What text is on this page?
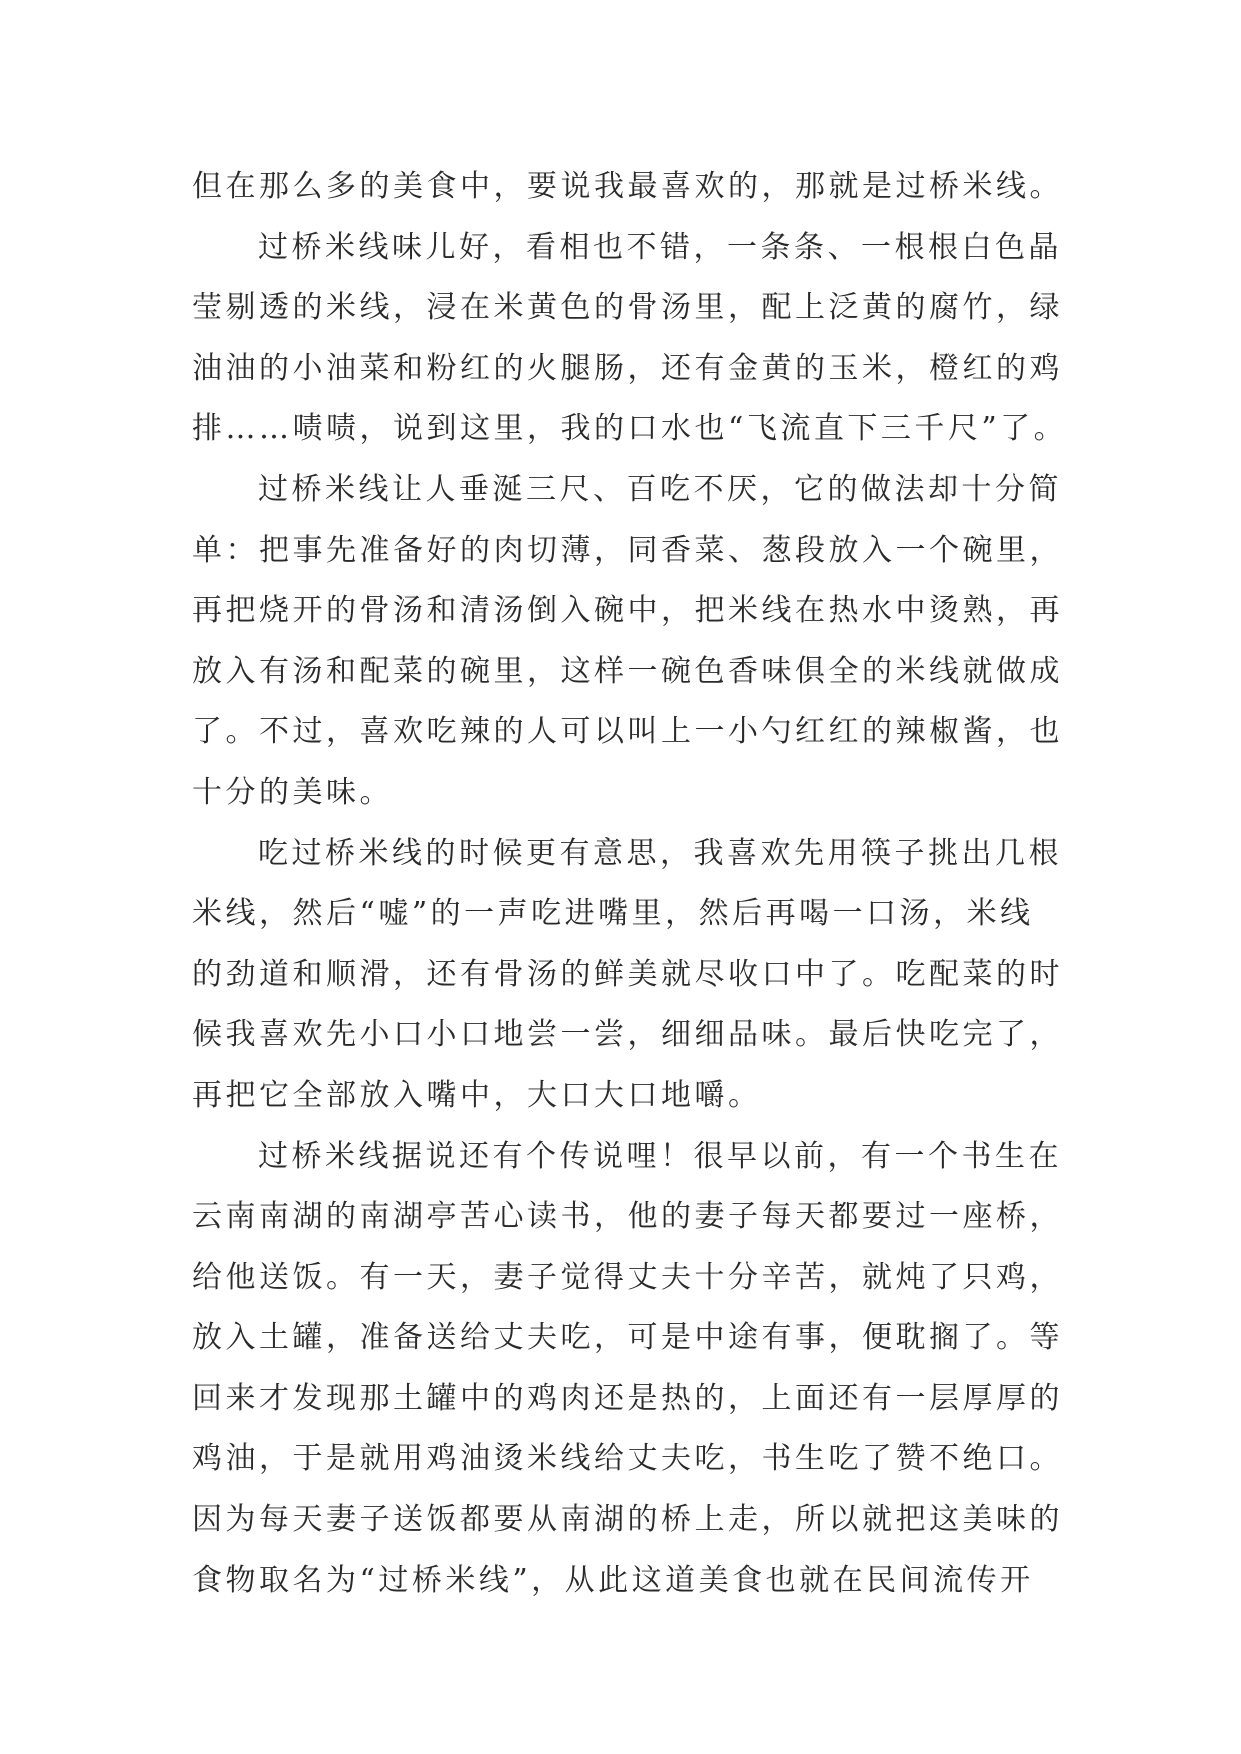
但在那么多的美食中，要说我最喜欢的，那就是过桥米线。
过桥米线味儿好，看相也不错，一条条、一根根白色晶
莹剔透的米线，浸在米黄色的骨汤里，配上泛黄的腐竹，绿
油油的小油菜和粉红的火腿肠，还有金黄的玉米，橙红的鸡
排……啧啧，说到这里，我的口水也“飞流直下三千尺”了。
过桥米线让人垂涎三尺、百吃不厌，它的做法却十分简
单：把事先准备好的肉切薄，同香菜、葱段放入一个碗里，
再把烧开的骨汤和清汤倒入碗中，把米线在热水中烫熟，再
放入有汤和配菜的碗里，这样一碗色香味俱全的米线就做成
了。不过，喜欢吃辣的人可以叫上一小勺红红的辣椒酱，也
十分的美味。
吃过桥米线的时候更有意思，我喜欢先用筷子挑出几根
米线，然后“嘘”的一声吃进嘴里，然后再喝一口汤，米线
的劲道和顺滑，还有骨汤的鲜美就尽收口中了。吃配菜的时
候我喜欢先小口小口地尝一尝，细细品味。最后快吃完了，
再把它全部放入嘴中，大口大口地嚼。
过桥米线据说还有个传说哩！很早以前，有一个书生在
云南南湖的南湖亭苦心读书，他的妻子每天都要过一座桥，
给他送饭。有一天，妻子觉得丈夫十分辛苦，就炖了只鸡，
放入土罐，准备送给丈夫吃，可是中途有事，便耽搁了。等
回来才发现那土罐中的鸡肉还是热的，上面还有一层厚厚的
鸡油，于是就用鸡油烫米线给丈夫吃，书生吃了赞不绝口。
因为每天妻子送饭都要从南湖的桥上走，所以就把这美味的
食物取名为“过桥米线”，从此这道美食也就在民间流传开
